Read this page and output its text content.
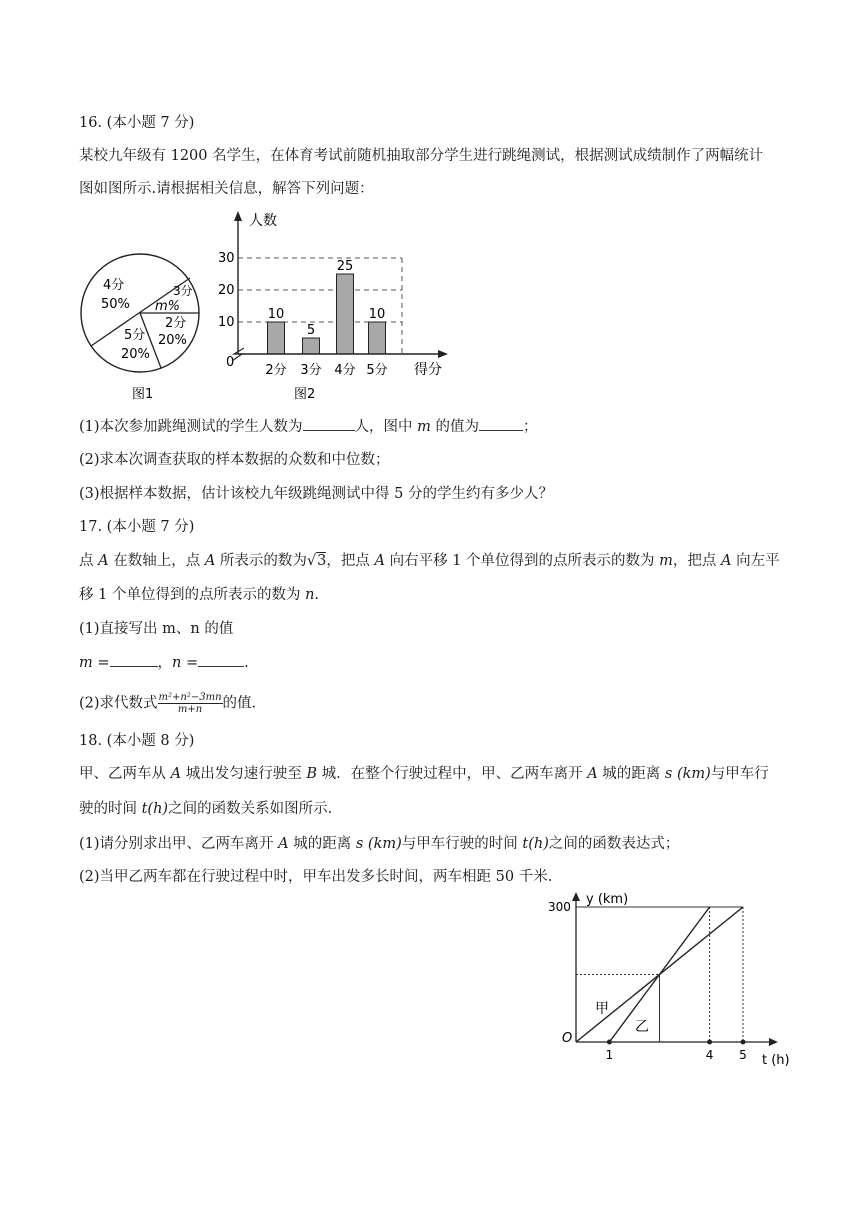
16. (本小题 7 分)
某校九年级有 1200 名学生，在体育考试前随机抽取部分学生进行跳绳测试，根据测试成绩制作了两幅统计
图如图所示.请根据相关信息，解答下列问题：
4分
50%
3分
m%
2分
20%
5分
20%
图1
0
10
20
30
10
2分
5
3分
25
4分
10
5分
人数
得分
图2
(1)本次参加跳绳测试的学生人数为	人，图中 m 的值为	；
(2)求本次调查获取的样本数据的众数和中位数；
(3)根据样本数据，估计该校九年级跳绳测试中得 5 分的学生约有多少人？
17. (本小题 7 分)
点 A 在数轴上，点 A 所表示的数为√3，把点 A 向右平移 1 个单位得到的点所表示的数为 m，把点 A 向左平
移 1 个单位得到的点所表示的数为 n.
(1)直接写出 m、n 的值
m =	，n =	.
(2)求代数式 $\frac{\text{m²+n²−3mn}}{m+n}$ 的值.
18. (本小题 8 分)
甲、乙两车从 A 城出发匀速行驶至 B 城．在整个行驶过程中，甲、乙两车离开 A 城的距离 s (km)与甲车行
驶的时间 t(h)之间的函数关系如图所示.
(1)请分别求出甲、乙两车离开 A 城的距离 s (km)与甲车行驶的时间 t(h)之间的函数表达式；
(2)当甲乙两车都在行驶过程中时，甲车出发多长时间，两车相距 50 千米．
300
1	4 5
y (km)
t (h)
O
甲
乙
